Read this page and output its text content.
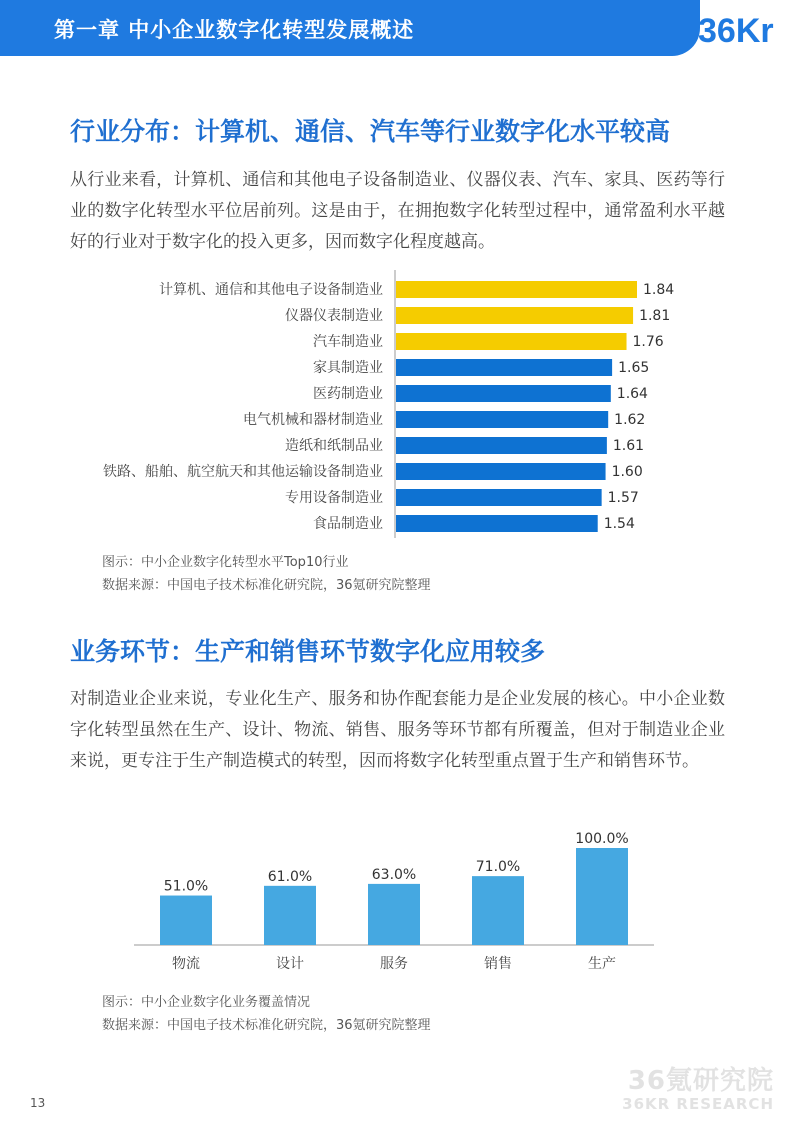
第一章 中小企业数字化转型发展概述	36Kr
行业分布：计算机、通信、汽车等行业数字化水平较高
从行业来看，计算机、通信和其他电子设备制造业、仪器仪表、汽车、家具、医药等行业的数字化转型水平位居前列。这是由于，在拥抱数字化转型过程中，通常盈利水平越好的行业对于数字化的投入更多，因而数字化程度越高。
计算机、通信和其他电子设备制造业	1.84
仪器仪表制造业	1.81
汽车制造业	1.76
家具制造业	1.65
医药制造业	1.64
电气机械和器材制造业	1.62
造纸和纸制品业	1.61
铁路、船舶、航空航天和其他运输设备制造业	1.60
专用设备制造业	1.57
食品制造业	1.54
图示：中小企业数字化转型水平Top10行业
数据来源：中国电子技术标准化研究院，36氪研究院整理
业务环节：生产和销售环节数字化应用较多
对制造业企业来说，专业化生产、服务和协作配套能力是企业发展的核心。中小企业数字化转型虽然在生产、设计、物流、销售、服务等环节都有所覆盖，但对于制造业企业来说，更专注于生产制造模式的转型，因而将数字化转型重点置于生产和销售环节。
51.0%
物流
61.0%
设计
63.0%
服务
71.0%
销售
100.0%
生产
图示：中小企业数字化业务覆盖情况
数据来源：中国电子技术标准化研究院，36氪研究院整理
36氪研究院
36KR RESEARCH
13
